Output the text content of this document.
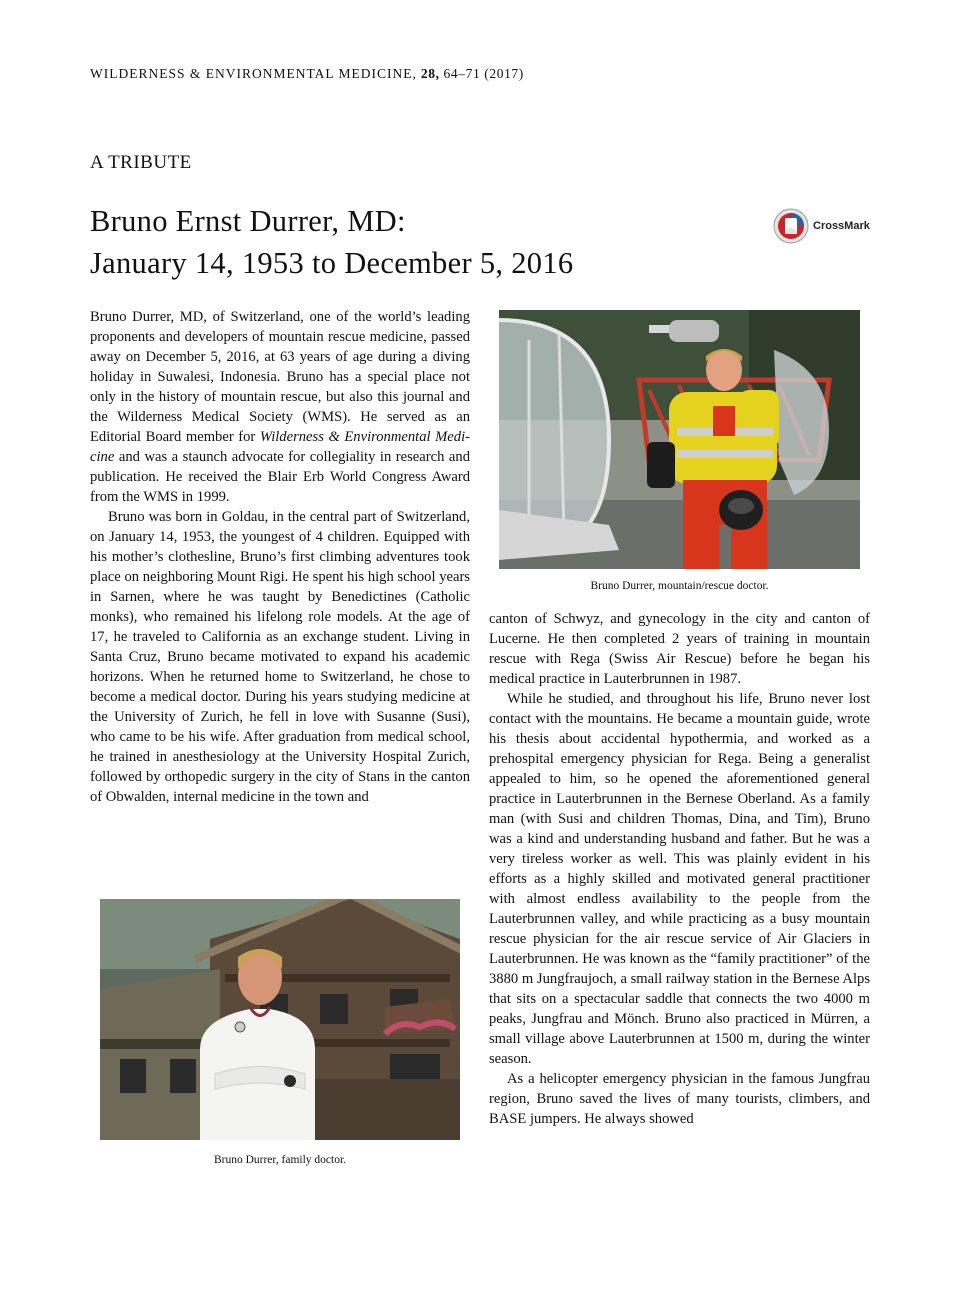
WILDERNESS & ENVIRONMENTAL MEDICINE, 28, 64–71 (2017)
A TRIBUTE
Bruno Ernst Durrer, MD:
January 14, 1953 to December 5, 2016
CrossMark

Bruno Durrer, MD, of Switzerland, one of the world’s leading proponents and developers of mountain rescue medicine, passed away on December 5, 2016, at 63 years of age during a diving holiday in Suwalesi, Indonesia. Bruno has a special place not only in the history of mountain rescue, but also this journal and the Wilderness Medical Society (WMS). He served as an Editorial Board member for Wilderness & Environmental Medicine and was a staunch advocate for collegiality in research and publication. He received the Blair Erb World Congress Award from the WMS in 1999.

Bruno was born in Goldau, in the central part of Switzerland, on January 14, 1953, the youngest of 4 children. Equipped with his mother’s clothesline, Bruno’s first climbing adventures took place on neighboring Mount Rigi. He spent his high school years in Sarnen, where he was taught by Benedictines (Catholic monks), who remained his lifelong role models. At the age of 17, he traveled to California as an exchange student. Living in Santa Cruz, Bruno became motivated to expand his academic horizons. When he returned home to Switzerland, he chose to become a medical doctor. During his years studying medicine at the University of Zurich, he fell in love with Susanne (Susi), who came to be his wife. After graduation from medical school, he trained in anesthesiology at the University Hospital Zurich, followed by orthopedic surgery in the city of Stans in the canton of Obwalden, internal medicine in the town and

Bruno Durrer, mountain/rescue doctor.

canton of Schwyz, and gynecology in the city and canton of Lucerne. He then completed 2 years of training in mountain rescue with Rega (Swiss Air Rescue) before he began his medical practice in Lauterbrunnen in 1987.

While he studied, and throughout his life, Bruno never lost contact with the mountains. He became a mountain guide, wrote his thesis about accidental hypothermia, and worked as a prehospital emergency physician for Rega. Being a generalist appealed to him, so he opened the aforementioned general practice in Lauterbrunnen in the Bernese Oberland. As a family man (with Susi and children Thomas, Dina, and Tim), Bruno was a kind and understanding husband and father. But he was a very tireless worker as well. This was plainly evident in his efforts as a highly skilled and motivated general practitioner with almost endless availability to the people from the Lauterbrunnen valley, and while practicing as a busy mountain rescue physician for the air rescue service of Air Glaciers in Lauterbrunnen. He was known as the “family practitioner” of the 3880 m Jungfraujoch, a small railway station in the Bernese Alps that sits on a spectacular saddle that connects the two 4000 m peaks, Jungfrau and Mönch. Bruno also practiced in Mürren, a small village above Lauterbrunnen at 1500 m, during the winter season.

As a helicopter emergency physician in the famous Jungfrau region, Bruno saved the lives of many tourists, climbers, and BASE jumpers. He always showed

Bruno Durrer, family doctor.
